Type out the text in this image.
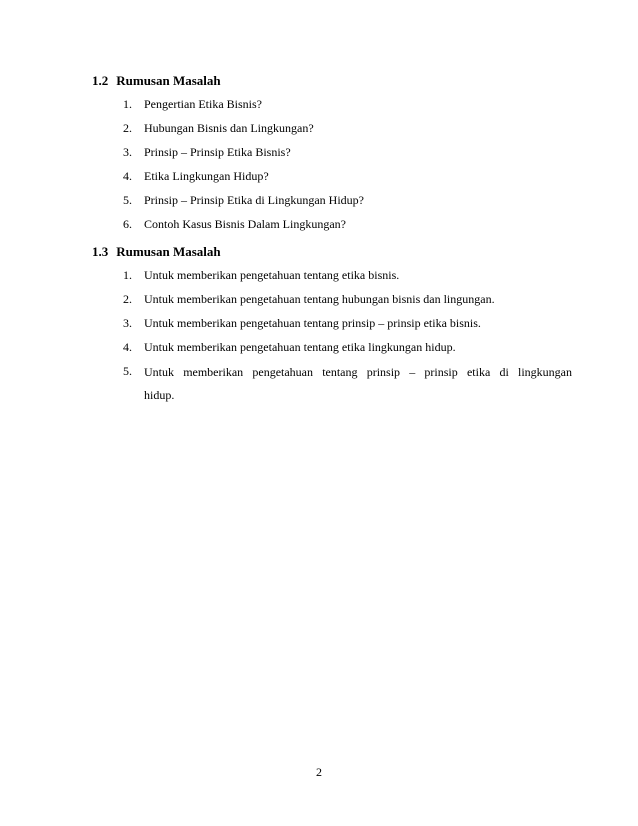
1.2 Rumusan Masalah
1. Pengertian Etika Bisnis?
2. Hubungan Bisnis dan Lingkungan?
3. Prinsip – Prinsip Etika Bisnis?
4. Etika Lingkungan Hidup?
5. Prinsip – Prinsip Etika di Lingkungan Hidup?
6. Contoh Kasus Bisnis Dalam Lingkungan?
1.3 Rumusan Masalah
1. Untuk memberikan pengetahuan tentang etika bisnis.
2. Untuk memberikan pengetahuan tentang hubungan bisnis dan lingungan.
3. Untuk memberikan pengetahuan tentang prinsip – prinsip etika bisnis.
4. Untuk memberikan pengetahuan tentang etika lingkungan hidup.
5. Untuk memberikan pengetahuan tentang prinsip – prinsip etika di lingkungan
hidup.
2
